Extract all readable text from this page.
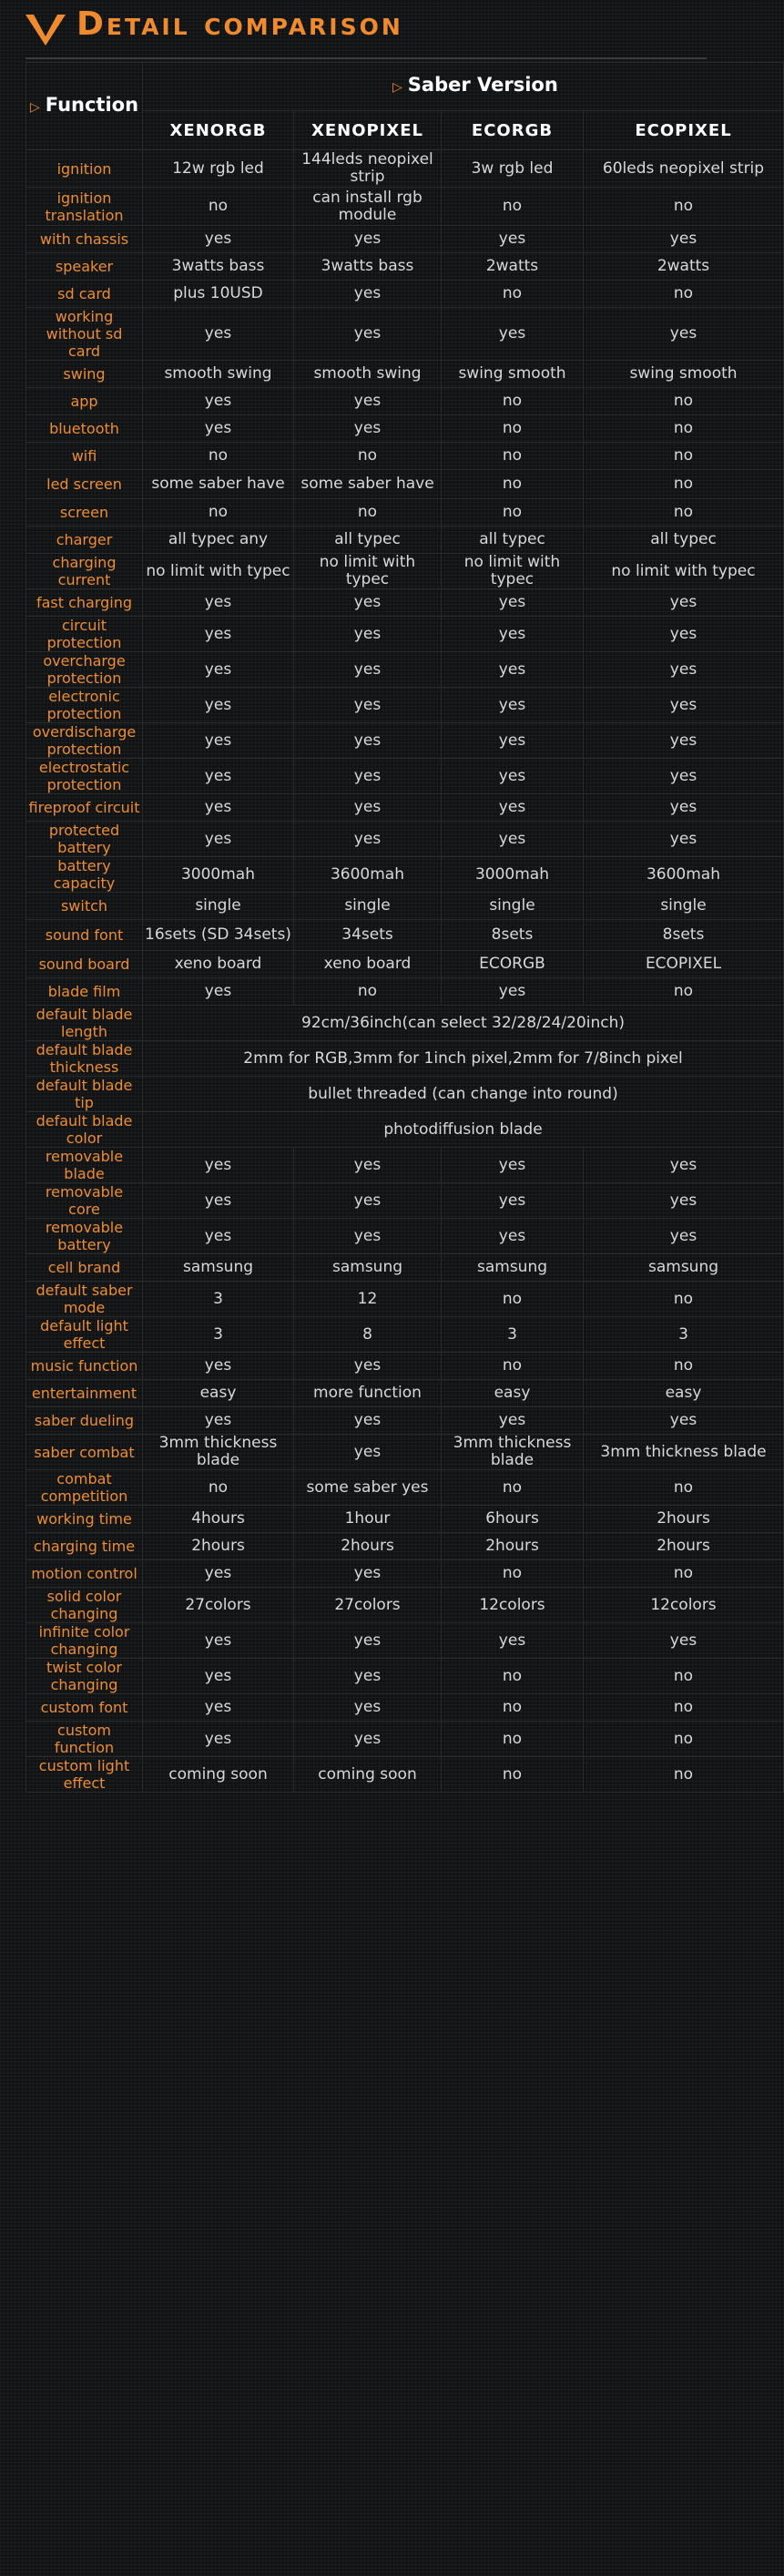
Detail comparison
▷ Function	▷ Saber Version			
	XENORGB	XENOPIXEL	ECORGB	ECOPIXEL
ignition	12w rgb led	144leds neopixel strip	3w rgb led	60leds neopixel strip
ignition translation	no	can install rgb module	no	no
with chassis	yes	yes	yes	yes
speaker	3watts bass	3watts bass	2watts	2watts
sd card	plus 10USD	yes	no	no
working without sd card	yes	yes	yes	yes
swing	smooth swing	smooth swing	swing smooth	swing smooth
app	yes	yes	no	no
bluetooth	yes	yes	no	no
wifi	no	no	no	no
led screen	some saber have	some saber have	no	no
screen	no	no	no	no
charger	all typec any	all typec	all typec	all typec
charging current	no limit with typec	no limit with typec	no limit with typec	no limit with typec
fast charging	yes	yes	yes	yes
circuit protection	yes	yes	yes	yes
overcharge protection	yes	yes	yes	yes
electronic protection	yes	yes	yes	yes
overdischarge protection	yes	yes	yes	yes
electrostatic protection	yes	yes	yes	yes
fireproof circuit	yes	yes	yes	yes
protected battery	yes	yes	yes	yes
battery capacity	3000mah	3600mah	3000mah	3600mah
switch	single	single	single	single
sound font	16sets (SD 34sets)	34sets	8sets	8sets
sound board	xeno board	xeno board	ECORGB	ECOPIXEL
blade film	yes	no	yes	no
default blade length	92cm/36inch(can select 32/28/24/20inch)			
default blade thickness	2mm for RGB,3mm for 1inch pixel,2mm for 7/8inch pixel			
default blade tip	bullet threaded (can change into round)			
default blade color	photodiffusion blade			
removable blade	yes	yes	yes	yes
removable core	yes	yes	yes	yes
removable battery	yes	yes	yes	yes
cell brand	samsung	samsung	samsung	samsung
default saber mode	3	12	no	no
default light effect	3	8	3	3
music function	yes	yes	no	no
entertainment	easy	more function	easy	easy
saber dueling	yes	yes	yes	yes
saber combat	3mm thickness blade	yes	3mm thickness blade	3mm thickness blade
combat competition	no	some saber yes	no	no
working time	4hours	1hour	6hours	2hours
charging time	2hours	2hours	2hours	2hours
motion control	yes	yes	no	no
solid color changing	27colors	27colors	12colors	12colors
infinite color changing	yes	yes	yes	yes
twist color changing	yes	yes	no	no
custom font	yes	yes	no	no
custom function	yes	yes	no	no
custom light effect	coming soon	coming soon	no	no
